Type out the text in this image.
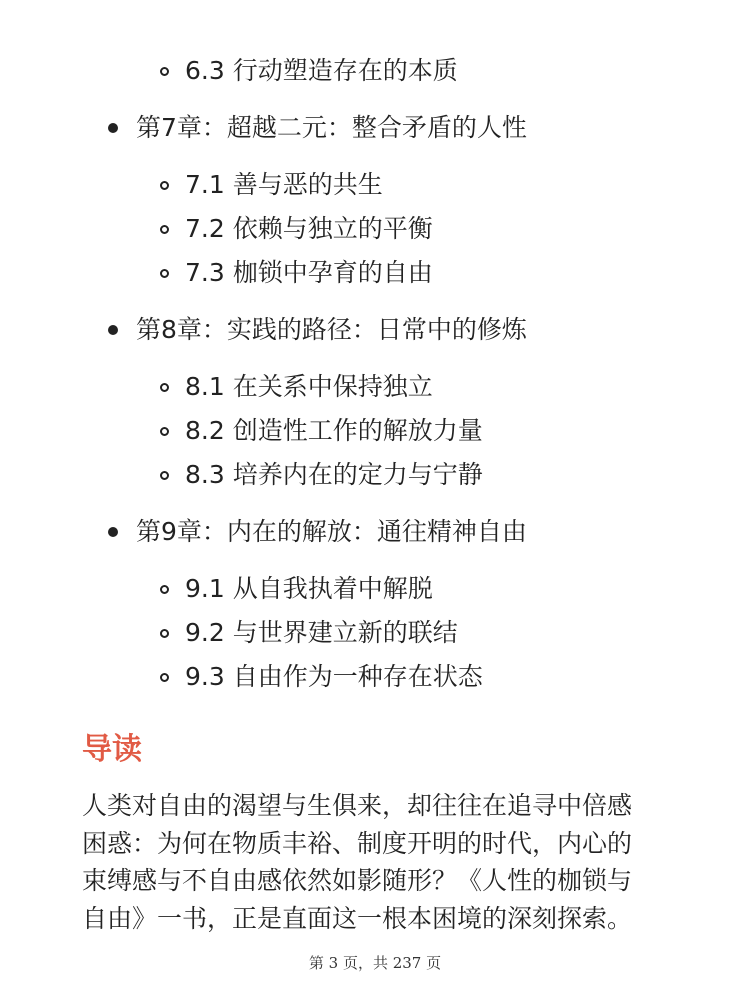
6.3 行动塑造存在的本质
第7章：超越二元：整合矛盾的人性
7.1 善与恶的共生
7.2 依赖与独立的平衡
7.3 枷锁中孕育的自由
第8章：实践的路径：日常中的修炼
8.1 在关系中保持独立
8.2 创造性工作的解放力量
8.3 培养内在的定力与宁静
第9章：内在的解放：通往精神自由
9.1 从自我执着中解脱
9.2 与世界建立新的联结
9.3 自由作为一种存在状态
导读

人类对自由的渴望与生俱来，却往往在追寻中倍感
困惑：为何在物质丰裕、制度开明的时代，内心的
束缚感与不自由感依然如影随形？《人性的枷锁与
自由》一书，正是直面这一根本困境的深刻探索。

第 3 页，共 237 页
